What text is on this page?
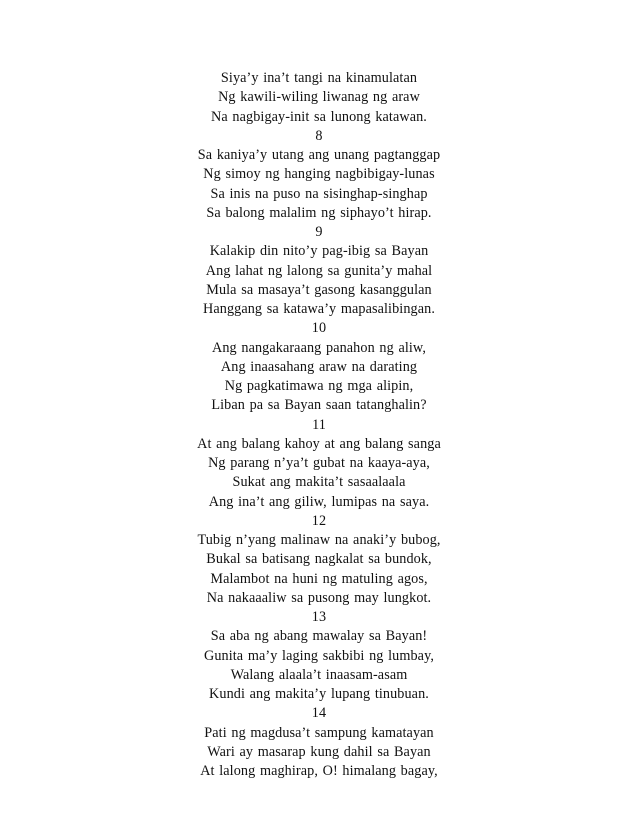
Siya’y ina’t tangi na kinamulatan
Ng kawili-wiling liwanag ng araw
Na nagbigay-init sa lunong katawan.
8
Sa kaniya’y utang ang unang pagtanggap
Ng simoy ng hanging nagbibigay-lunas
Sa inis na puso na sisinghap-singhap
Sa balong malalim ng siphayo’t hirap.
9
Kalakip din nito’y pag-ibig sa Bayan
Ang lahat ng lalong sa gunita’y mahal
Mula sa masaya’t gasong kasanggulan
Hanggang sa katawa’y mapasalibingan.
10
Ang nangakaraang panahon ng aliw,
Ang inaasahang araw na darating
Ng pagkatimawa ng mga alipin,
Liban pa sa Bayan saan tatanghalin?
11
At ang balang kahoy at ang balang sanga
Ng parang n’ya’t gubat na kaaya-aya,
Sukat ang makita’t sasaalaala
Ang ina’t ang giliw, lumipas na saya.
12
Tubig n’yang malinaw na anaki’y bubog,
Bukal sa batisang nagkalat sa bundok,
Malambot na huni ng matuling agos,
Na nakaaaliw sa pusong may lungkot.
13
Sa aba ng abang mawalay sa Bayan!
Gunita ma’y laging sakbibi ng lumbay,
Walang alaala’t inaasam-asam
Kundi ang makita’y lupang tinubuan.
14
Pati ng magdusa’t sampung kamatayan
Wari ay masarap kung dahil sa Bayan
At lalong maghirap, O! himalang bagay,
